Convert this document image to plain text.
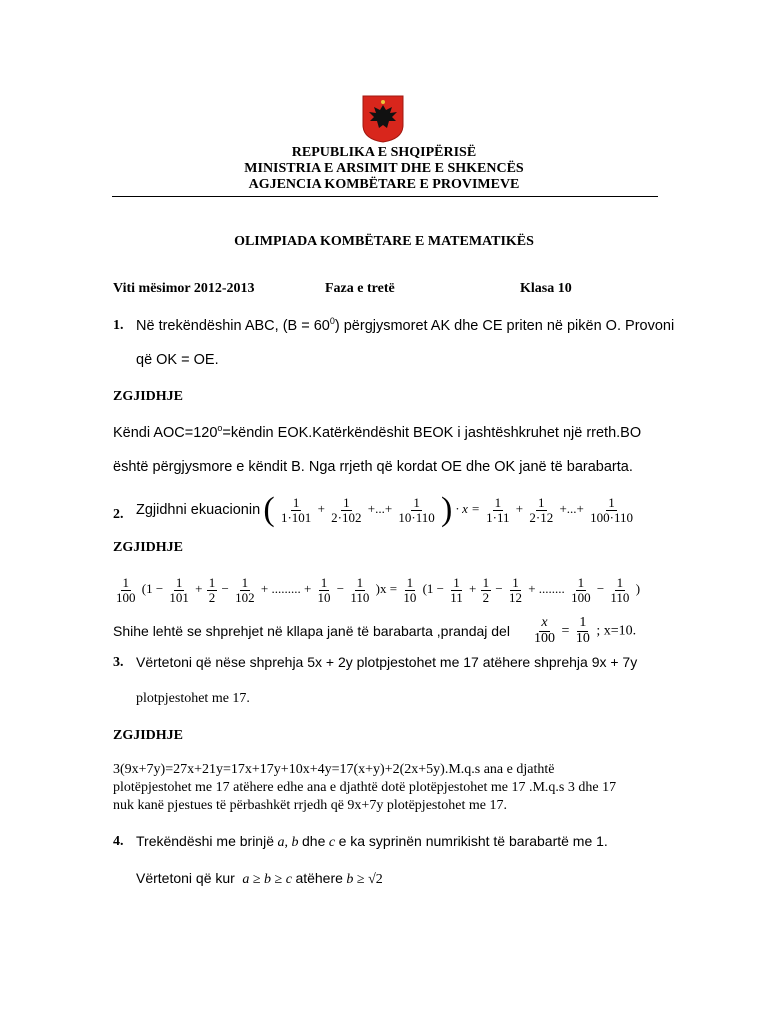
REPUBLIKA E SHQIPËRISË
MINISTRIA E ARSIMIT DHE E SHKENCËS
AGJENCIA KOMBËTARE E PROVIMEVE
OLIMPIADA KOMBËTARE E MATEMATIKËS
Viti mësimor 2012-2013	Faza e tretë	Klasa 10
1. Në trekëndëshin ABC, $(B = 60^0)$ përgjysmoret AK dhe CE priten në pikën O. Provoni
që OK = OE.
ZGJIDHJE
Këndi $AOC=120^o=këndin$ EOK.Katërkëndëshit BEOK i jashtëshkruhet një rreth.BO
është përgjysmore e këndit B. Nga rrjeth që kordat OE dhe OK janë të barabarta.
2. Zgjidhni ekuacionin ( $\frac{1}{1\cdot 101} + \frac{1}{2\cdot 102}$ +...+ $\frac{1}{10\cdot 110}$ ) · $x = \frac{1}{1\cdot 11} + \frac{1}{2\cdot 12}$ +...+ $\frac{1}{100\cdot 110}$
ZGJIDHJE
$\frac{1}{100} (1 - \frac{1}{101} + \frac{1}{2} - \frac{1}{102}$ + ......... + $\frac{1}{10} - \frac{1}{110} )x = \frac{1}{10} (1 - \frac{1}{11} + \frac{1}{2} - \frac{1}{12}$ + ........ $\frac{1}{100} - \frac{1}{110}$ )
Shihe lehtë se shprehjet në kllapa janë të barabarta ,prandaj del $\frac{x}{100} = \frac{1}{10}$ ; x=10.
3. Vërtetoni që nëse shprehja 5x + 2y plotpjestohet me 17 atëhere shprehja 9x + 7y
plotpjestohet me 17.
ZGJIDHJE
3(9x+7y)=27x+21y=17x+17y+10x+4y=17(x+y)+2(2x+5y).M.q.s ana e djathtë
plotëpjestohet me 17 atëhere edhe ana e djathtë dotë plotëpjestohet me 17 .M.q.s 3 dhe 17
nuk kanë pjestues të përbashkët rrjedh që 9x+7y plotëpjestohet me 17.
4. Trekëndëshi me brinjë a, b dhe c e ka syprinën numrikisht të barabartë me 1.
Vërtetoni që kur a ≥ b ≥ c atëhere b ≥ √2
